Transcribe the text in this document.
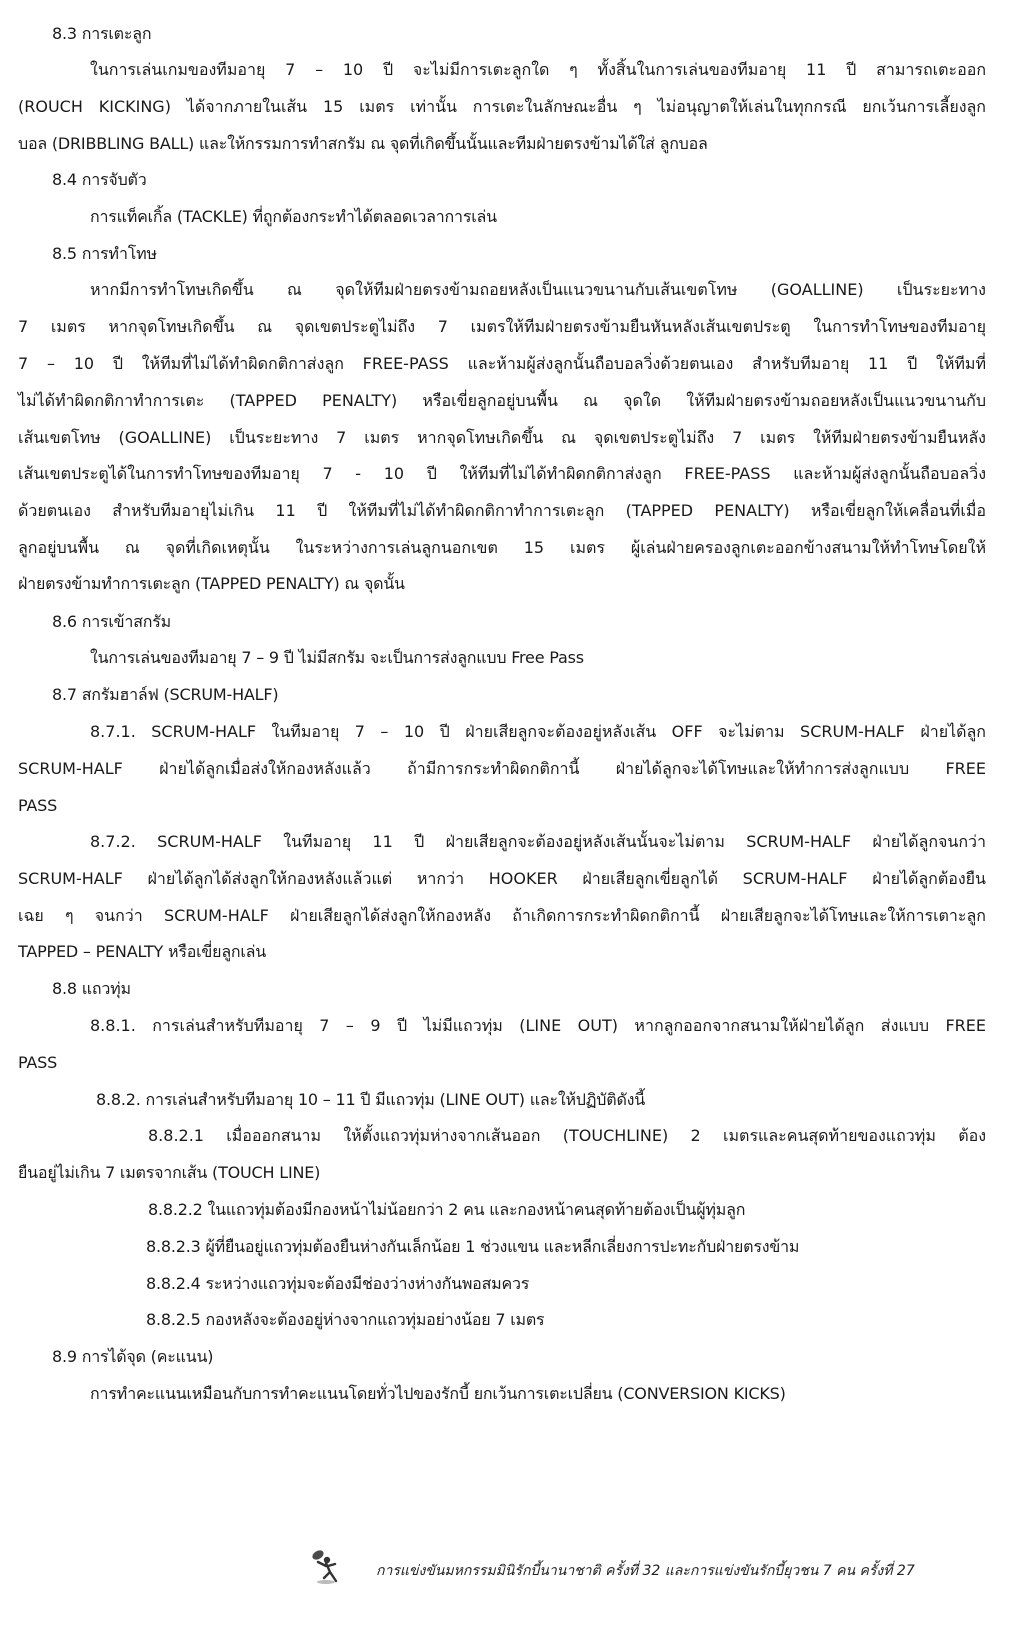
8.3 การเตะลูก
ในการเล่นเกมของทีมอายุ 7 – 10 ปี จะไม่มีการเตะลูกใด ๆ ทั้งสิ้นในการเล่นของทีมอายุ 11 ปี สามารถเตะออก
(ROUCH KICKING) ได้จากภายในเส้น 15 เมตร เท่านั้น การเตะในลักษณะอื่น ๆ ไม่อนุญาตให้เล่นในทุกกรณี ยกเว้นการเลี้ยงลูก
บอล (DRIBBLING BALL) และให้กรรมการทำสกรัม ณ จุดที่เกิดขึ้นนั้นและทีมฝ่ายตรงข้ามได้ใส่ ลูกบอล
8.4 การจับตัว
การแท็คเกิ้ล (TACKLE) ที่ถูกต้องกระทำได้ตลอดเวลาการเล่น
8.5 การทำโทษ
หากมีการทำโทษเกิดขึ้น ณ จุดให้ทีมฝ่ายตรงข้ามถอยหลังเป็นแนวขนานกับเส้นเขตโทษ (GOALLINE) เป็นระยะทาง
7 เมตร หากจุดโทษเกิดขึ้น ณ จุดเขตประตูไม่ถึง 7 เมตรให้ทีมฝ่ายตรงข้ามยืนหันหลังเส้นเขตประตู ในการทำโทษของทีมอายุ
7 – 10 ปี ให้ทีมที่ไม่ได้ทำผิดกติกาส่งลูก FREE-PASS และห้ามผู้ส่งลูกนั้นถือบอลวิ่งด้วยตนเอง สำหรับทีมอายุ 11 ปี ให้ทีมที่
ไม่ได้ทำผิดกติกาทำการเตะ (TAPPED PENALTY) หรือเขี่ยลูกอยู่บนพื้น ณ จุดใด ให้ทีมฝ่ายตรงข้ามถอยหลังเป็นแนวขนานกับ
เส้นเขตโทษ (GOALLINE) เป็นระยะทาง 7 เมตร หากจุดโทษเกิดขึ้น ณ จุดเขตประตูไม่ถึง 7 เมตร ให้ทีมฝ่ายตรงข้ามยืนหลัง
เส้นเขตประตูได้ในการทำโทษของทีมอายุ 7 - 10 ปี ให้ทีมที่ไม่ได้ทำผิดกติกาส่งลูก FREE-PASS และห้ามผู้ส่งลูกนั้นถือบอลวิ่ง
ด้วยตนเอง สำหรับทีมอายุไม่เกิน 11 ปี ให้ทีมที่ไม่ได้ทำผิดกติกาทำการเตะลูก (TAPPED PENALTY) หรือเขี่ยลูกให้เคลื่อนที่เมื่อ
ลูกอยู่บนพื้น ณ จุดที่เกิดเหตุนั้น ในระหว่างการเล่นลูกนอกเขต 15 เมตร ผู้เล่นฝ่ายครองลูกเตะออกข้างสนามให้ทำโทษโดยให้
ฝ่ายตรงข้ามทำการเตะลูก (TAPPED PENALTY) ณ จุดนั้น
8.6 การเข้าสกรัม
ในการเล่นของทีมอายุ 7 – 9 ปี ไม่มีสกรัม จะเป็นการส่งลูกแบบ Free Pass
8.7 สกรัมฮาล์ฟ (SCRUM-HALF)
8.7.1. SCRUM-HALF ในทีมอายุ 7 – 10 ปี ฝ่ายเสียลูกจะต้องอยู่หลังเส้น OFF จะไม่ตาม SCRUM-HALF ฝ่ายได้ลูก
SCRUM-HALF ฝ่ายได้ลูกเมื่อส่งให้กองหลังแล้ว ถ้ามีการกระทำผิดกติกานี้ ฝ่ายได้ลูกจะได้โทษและให้ทำการส่งลูกแบบ FREE
PASS
8.7.2. SCRUM-HALF ในทีมอายุ 11 ปี ฝ่ายเสียลูกจะต้องอยู่หลังเส้นนั้นจะไม่ตาม SCRUM-HALF ฝ่ายได้ลูกจนกว่า
SCRUM-HALF ฝ่ายได้ลูกได้ส่งลูกให้กองหลังแล้วแต่ หากว่า HOOKER ฝ่ายเสียลูกเขี่ยลูกได้ SCRUM-HALF ฝ่ายได้ลูกต้องยืน
เฉย ๆ จนกว่า SCRUM-HALF ฝ่ายเสียลูกได้ส่งลูกให้กองหลัง ถ้าเกิดการกระทำผิดกติกานี้ ฝ่ายเสียลูกจะได้โทษและให้การเตาะลูก
TAPPED – PENALTY หรือเขี่ยลูกเล่น
8.8 แถวทุ่ม
8.8.1. การเล่นสำหรับทีมอายุ 7 – 9 ปี ไม่มีแถวทุ่ม (LINE OUT) หากลูกออกจากสนามให้ฝ่ายได้ลูก ส่งแบบ FREE
PASS
8.8.2. การเล่นสำหรับทีมอายุ 10 – 11 ปี มีแถวทุ่ม (LINE OUT) และให้ปฏิบัติดังนี้
8.8.2.1 เมื่อออกสนาม ให้ตั้งแถวทุ่มห่างจากเส้นออก (TOUCHLINE) 2 เมตรและคนสุดท้ายของแถวทุ่ม ต้อง
ยืนอยู่ไม่เกิน 7 เมตรจากเส้น (TOUCH LINE)
8.8.2.2 ในแถวทุ่มต้องมีกองหน้าไม่น้อยกว่า 2 คน และกองหน้าคนสุดท้ายต้องเป็นผู้ทุ่มลูก
8.8.2.3 ผู้ที่ยืนอยู่แถวทุ่มต้องยืนห่างกันเล็กน้อย 1 ช่วงแขน และหลีกเลี่ยงการปะทะกับฝ่ายตรงข้าม
8.8.2.4 ระหว่างแถวทุ่มจะต้องมีช่องว่างห่างกันพอสมควร
8.8.2.5 กองหลังจะต้องอยู่ห่างจากแถวทุ่มอย่างน้อย 7 เมตร
8.9 การได้จุด (คะแนน)
การทำคะแนนเหมือนกับการทำคะแนนโดยทั่วไปของรักบี้ ยกเว้นการเตะเปลี่ยน (CONVERSION KICKS)
การแข่งขันมหกรรมมินิรักบี้นานาชาติ ครั้งที่ 32 และการแข่งขันรักบี้ยุวชน 7 คน ครั้งที่ 27
